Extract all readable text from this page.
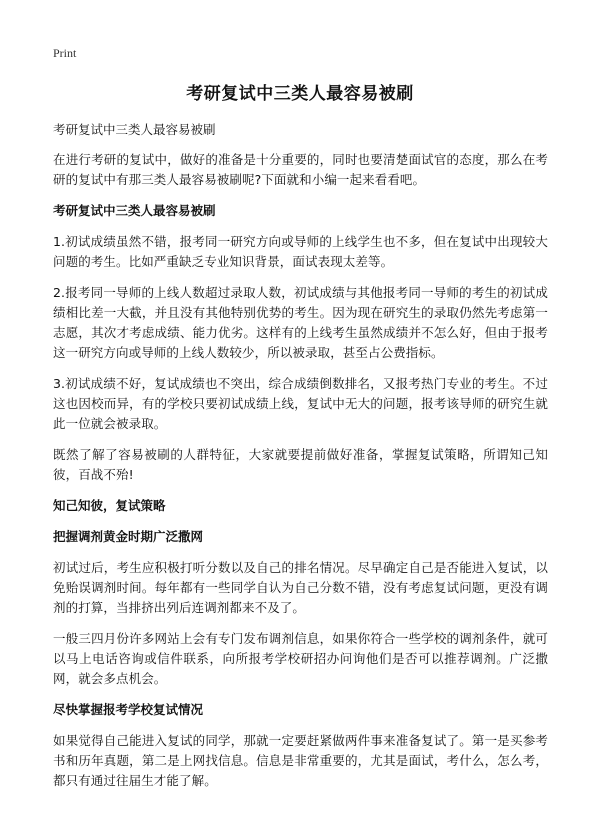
Print
考研复试中三类人最容易被刷
考研复试中三类人最容易被刷

在进行考研的复试中，做好的准备是十分重要的，同时也要清楚面试官的态度，那么在考研的复试中有那三类人最容易被刷呢?下面就和小编一起来看看吧。

考研复试中三类人最容易被刷

1.初试成绩虽然不错，报考同一研究方向或导师的上线学生也不多，但在复试中出现较大问题的考生。比如严重缺乏专业知识背景，面试表现太差等。

2.报考同一导师的上线人数超过录取人数，初试成绩与其他报考同一导师的考生的初试成绩相比差一大截，并且没有其他特别优势的考生。因为现在研究生的录取仍然先考虑第一志愿，其次才考虑成绩、能力优劣。这样有的上线考生虽然成绩并不怎么好，但由于报考这一研究方向或导师的上线人数较少，所以被录取，甚至占公费指标。

3.初试成绩不好，复试成绩也不突出，综合成绩倒数排名，又报考热门专业的考生。不过这也因校而异，有的学校只要初试成绩上线，复试中无大的问题，报考该导师的研究生就此一位就会被录取。

既然了解了容易被刷的人群特征，大家就要提前做好准备，掌握复试策略，所谓知己知彼，百战不殆!

知己知彼，复试策略
把握调剂黄金时期广泛撒网

初试过后，考生应积极打听分数以及自己的排名情况。尽早确定自己是否能进入复试，以免贻误调剂时间。每年都有一些同学自认为自己分数不错，没有考虑复试问题，更没有调剂的打算，当排挤出列后连调剂都来不及了。

一般三四月份许多网站上会有专门发布调剂信息，如果你符合一些学校的调剂条件，就可以马上电话咨询或信件联系，向所报考学校研招办问询他们是否可以推荐调剂。广泛撒网，就会多点机会。

尽快掌握报考学校复试情况

如果觉得自己能进入复试的同学，那就一定要赶紧做两件事来准备复试了。第一是买参考书和历年真题，第二是上网找信息。信息是非常重要的，尤其是面试，考什么，怎么考，都只有通过往届生才能了解。
